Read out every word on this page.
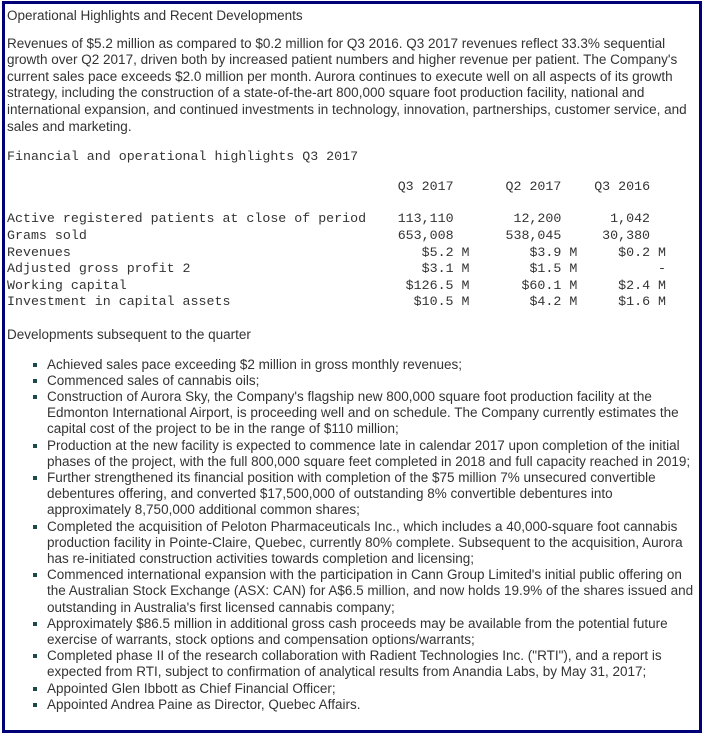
Operational Highlights and Recent Developments
Revenues of $5.2 million as compared to $0.2 million for Q3 2016. Q3 2017 revenues reflect 33.3% sequential growth over Q2 2017, driven both by increased patient numbers and higher revenue per patient. The Company's current sales pace exceeds $2.0 million per month. Aurora continues to execute well on all aspects of its growth strategy, including the construction of a state-of-the-art 800,000 square foot production facility, national and international expansion, and continued investments in technology, innovation, partnerships, customer service, and sales and marketing.
Financial and operational highlights Q3 2017
	Q3 2017	Q2 2017	Q3 2016
Active registered patients at close of period	113,110	12,200	1,042
Grams sold	653,008	538,045	30,380
Revenues	$5.2 M	$3.9 M	$0.2 M
Adjusted gross profit 2	$3.1 M	$1.5 M	-
Working capital	$126.5 M	$60.1 M	$2.4 M
Investment in capital assets	$10.5 M	$4.2 M	$1.6 M
Developments subsequent to the quarter
Achieved sales pace exceeding $2 million in gross monthly revenues;
Commenced sales of cannabis oils;
Construction of Aurora Sky, the Company's flagship new 800,000 square foot production facility at the Edmonton International Airport, is proceeding well and on schedule. The Company currently estimates the capital cost of the project to be in the range of $110 million;
Production at the new facility is expected to commence late in calendar 2017 upon completion of the initial phases of the project, with the full 800,000 square feet completed in 2018 and full capacity reached in 2019;
Further strengthened its financial position with completion of the $75 million 7% unsecured convertible debentures offering, and converted $17,500,000 of outstanding 8% convertible debentures into approximately 8,750,000 additional common shares;
Completed the acquisition of Peloton Pharmaceuticals Inc., which includes a 40,000-square foot cannabis production facility in Pointe-Claire, Quebec, currently 80% complete. Subsequent to the acquisition, Aurora has re-initiated construction activities towards completion and licensing;
Commenced international expansion with the participation in Cann Group Limited's initial public offering on the Australian Stock Exchange (ASX: CAN) for A$6.5 million, and now holds 19.9% of the shares issued and outstanding in Australia's first licensed cannabis company;
Approximately $86.5 million in additional gross cash proceeds may be available from the potential future exercise of warrants, stock options and compensation options/warrants;
Completed phase II of the research collaboration with Radient Technologies Inc. ("RTI"), and a report is expected from RTI, subject to confirmation of analytical results from Anandia Labs, by May 31, 2017;
Appointed Glen Ibbott as Chief Financial Officer;
Appointed Andrea Paine as Director, Quebec Affairs.
